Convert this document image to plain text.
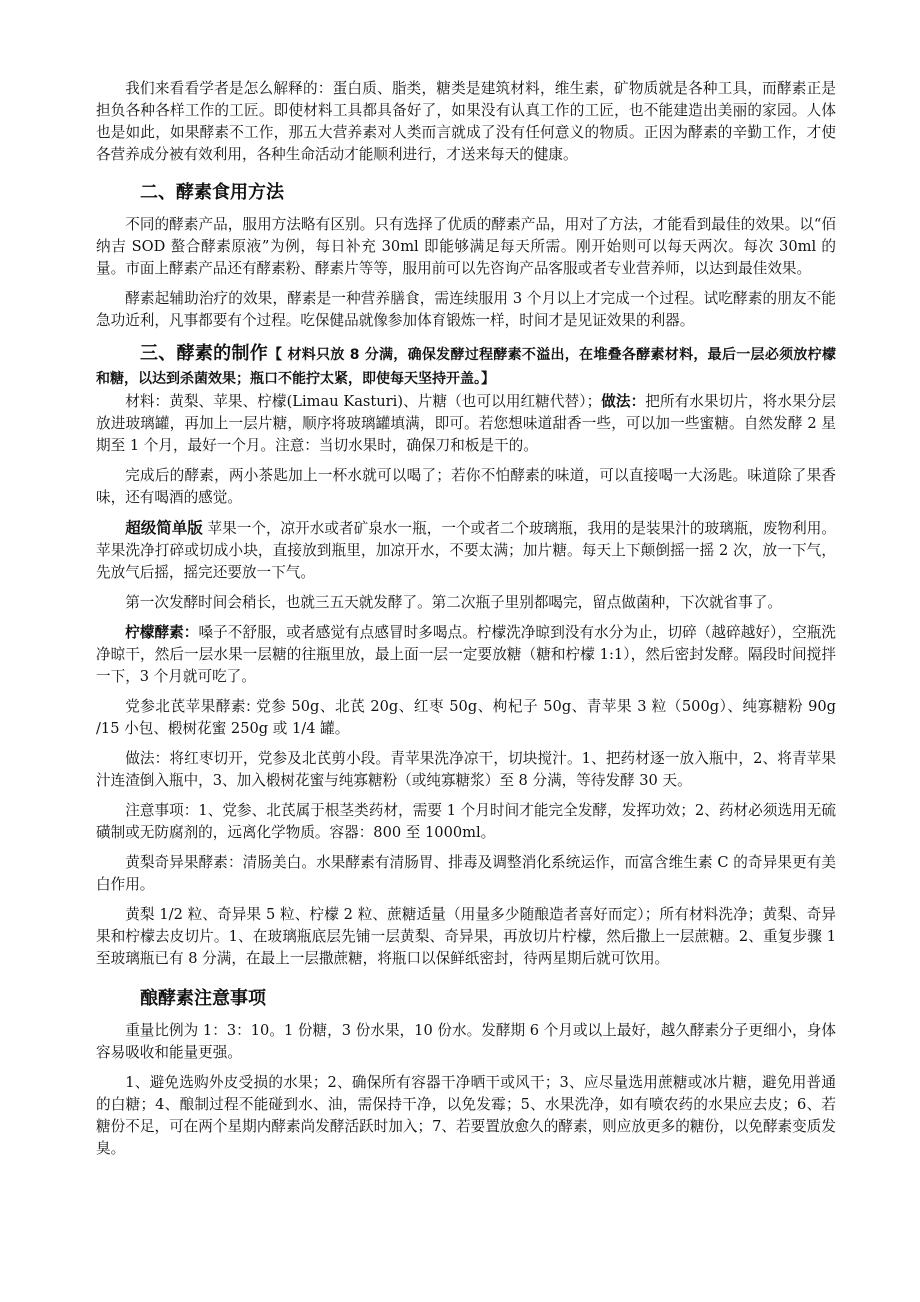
我们来看看学者是怎么解释的：蛋白质、脂类，糖类是建筑材料，维生素，矿物质就是各种工具，而酵素正是担负各种各样工作的工匠。即使材料工具都具备好了，如果没有认真工作的工匠，也不能建造出美丽的家园。人体也是如此，如果酵素不工作，那五大营养素对人类而言就成了没有任何意义的物质。正因为酵素的辛勤工作，才使各营养成分被有效利用，各种生命活动才能顺利进行，才送来每天的健康。

二、酵素食用方法

不同的酵素产品，服用方法略有区别。只有选择了优质的酵素产品，用对了方法，才能看到最佳的效果。以“佰纳吉 SOD 螯合酵素原液”为例，每日补充 30ml 即能够满足每天所需。刚开始则可以每天两次。每次 30ml 的量。市面上酵素产品还有酵素粉、酵素片等等，服用前可以先咨询产品客服或者专业营养师，以达到最佳效果。

酵素起辅助治疗的效果，酵素是一种营养膳食，需连续服用 3 个月以上才完成一个过程。试吃酵素的朋友不能急功近利，凡事都要有个过程。吃保健品就像参加体育锻炼一样，时间才是见证效果的利器。

三、酵素的制作【 材料只放 8 分满，确保发酵过程酵素不溢出，在堆叠各酵素材料，最后一层必须放柠檬和糖，以达到杀菌效果；瓶口不能拧太紧，即使每天坚持开盖。】

材料：黄梨、苹果、柠檬(Limau Kasturi)、片糖（也可以用红糖代替）；做法：把所有水果切片，将水果分层放进玻璃罐，再加上一层片糖，顺序将玻璃罐填满，即可。若您想味道甜香一些，可以加一些蜜糖。自然发酵 2 星期至 1 个月，最好一个月。注意：当切水果时，确保刀和板是干的。

完成后的酵素，两小茶匙加上一杯水就可以喝了；若你不怕酵素的味道，可以直接喝一大汤匙。味道除了果香味，还有喝酒的感觉。

超级简单版 苹果一个，凉开水或者矿泉水一瓶，一个或者二个玻璃瓶，我用的是装果汁的玻璃瓶，废物利用。苹果洗净打碎或切成小块，直接放到瓶里，加凉开水，不要太满；加片糖。每天上下颠倒摇一摇 2 次，放一下气，先放气后摇，摇完还要放一下气。

第一次发酵时间会稍长，也就三五天就发酵了。第二次瓶子里别都喝完，留点做菌种，下次就省事了。

柠檬酵素：嗓子不舒服，或者感觉有点感冒时多喝点。柠檬洗净晾到没有水分为止，切碎（越碎越好），空瓶洗净晾干，然后一层水果一层糖的往瓶里放，最上面一层一定要放糖（糖和柠檬 1:1），然后密封发酵。隔段时间搅拌一下，3 个月就可吃了。

党参北芪苹果酵素: 党参 50g、北芪 20g、红枣 50g、枸杞子 50g、青苹果 3 粒（500g）、纯寡糖粉 90g /15 小包、椴树花蜜 250g 或 1/4 罐。

做法：将红枣切开，党参及北芪剪小段。青苹果洗净凉干，切块搅汁。1、把药材逐一放入瓶中，2、将青苹果汁连渣倒入瓶中，3、加入椴树花蜜与纯寡糖粉（或纯寡糖浆）至 8 分满，等待发酵 30 天。

注意事项：1、党参、北芪属于根茎类药材，需要 1 个月时间才能完全发酵，发挥功效；2、药材必须选用无硫磺制或无防腐剂的，远离化学物质。容器：800 至 1000ml。

黄梨奇异果酵素：清肠美白。水果酵素有清肠胃、排毒及调整消化系统运作，而富含维生素 C 的奇异果更有美白作用。

黄梨 1/2 粒、奇异果 5 粒、柠檬 2 粒、蔗糖适量（用量多少随酿造者喜好而定）；所有材料洗净；黄梨、奇异果和柠檬去皮切片。1、在玻璃瓶底层先铺一层黄梨、奇异果，再放切片柠檬，然后撒上一层蔗糖。2、重复步骤 1 至玻璃瓶已有 8 分满，在最上一层撒蔗糖，将瓶口以保鲜纸密封，待两星期后就可饮用。

酿酵素注意事项

重量比例为 1：3：10。1 份糖，3 份水果，10 份水。发酵期 6 个月或以上最好，越久酵素分子更细小，身体容易吸收和能量更强。

1、避免选购外皮受损的水果；2、确保所有容器干净晒干或风干；3、应尽量选用蔗糖或冰片糖，避免用普通的白糖；4、酿制过程不能碰到水、油，需保持干净，以免发霉；5、水果洗净，如有喷农药的水果应去皮；6、若糖份不足，可在两个星期内酵素尚发酵活跃时加入；7、若要置放愈久的酵素，则应放更多的糖份，以免酵素变质发臭。
